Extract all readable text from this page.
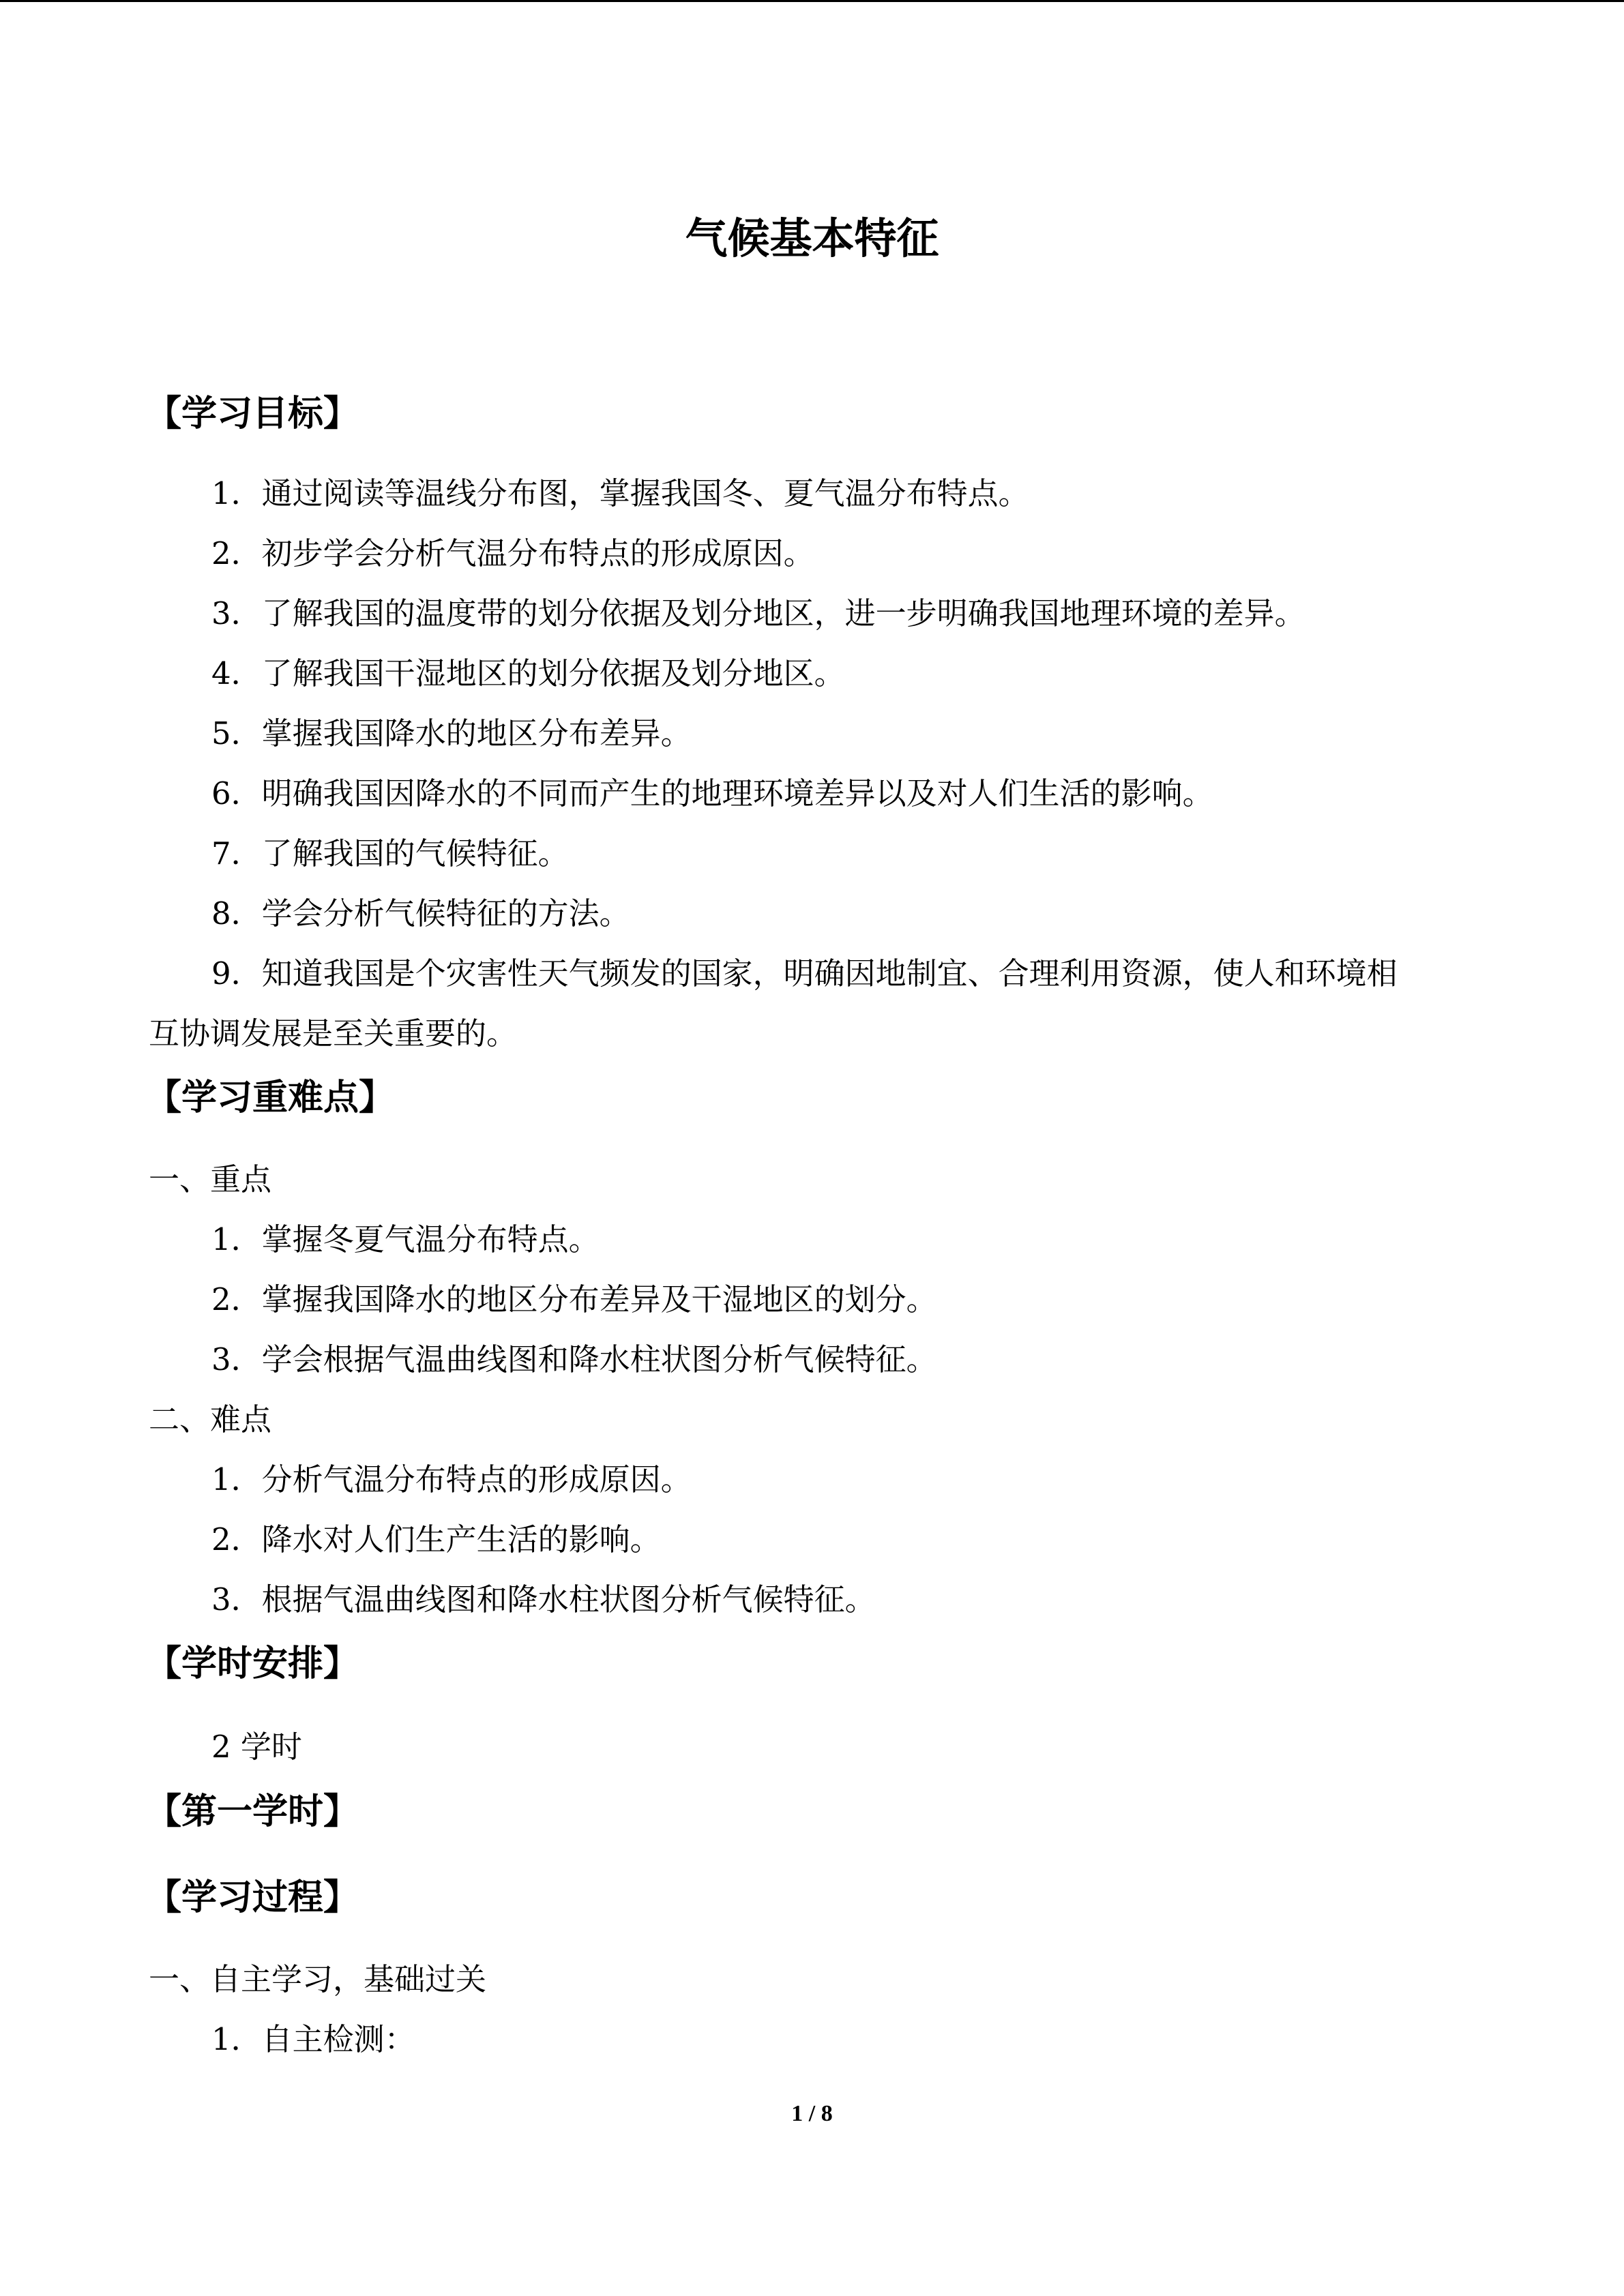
气候基本特征
【学习目标】

1．通过阅读等温线分布图，掌握我国冬、夏气温分布特点。

2．初步学会分析气温分布特点的形成原因。

3．了解我国的温度带的划分依据及划分地区，进一步明确我国地理环境的差异。

4．了解我国干湿地区的划分依据及划分地区。

5．掌握我国降水的地区分布差异。

6．明确我国因降水的不同而产生的地理环境差异以及对人们生活的影响。

7．了解我国的气候特征。

8．学会分析气候特征的方法。

9．知道我国是个灾害性天气频发的国家，明确因地制宜、合理利用资源，使人和环境相

互协调发展是至关重要的。

【学习重难点】

一、重点

1．掌握冬夏气温分布特点。

2．掌握我国降水的地区分布差异及干湿地区的划分。

3．学会根据气温曲线图和降水柱状图分析气候特征。

二、难点

1．分析气温分布特点的形成原因。

2．降水对人们生产生活的影响。

3．根据气温曲线图和降水柱状图分析气候特征。

【学时安排】

2 学时

【第一学时】
【学习过程】

一、自主学习，基础过关

1．自主检测：

1 / 8
